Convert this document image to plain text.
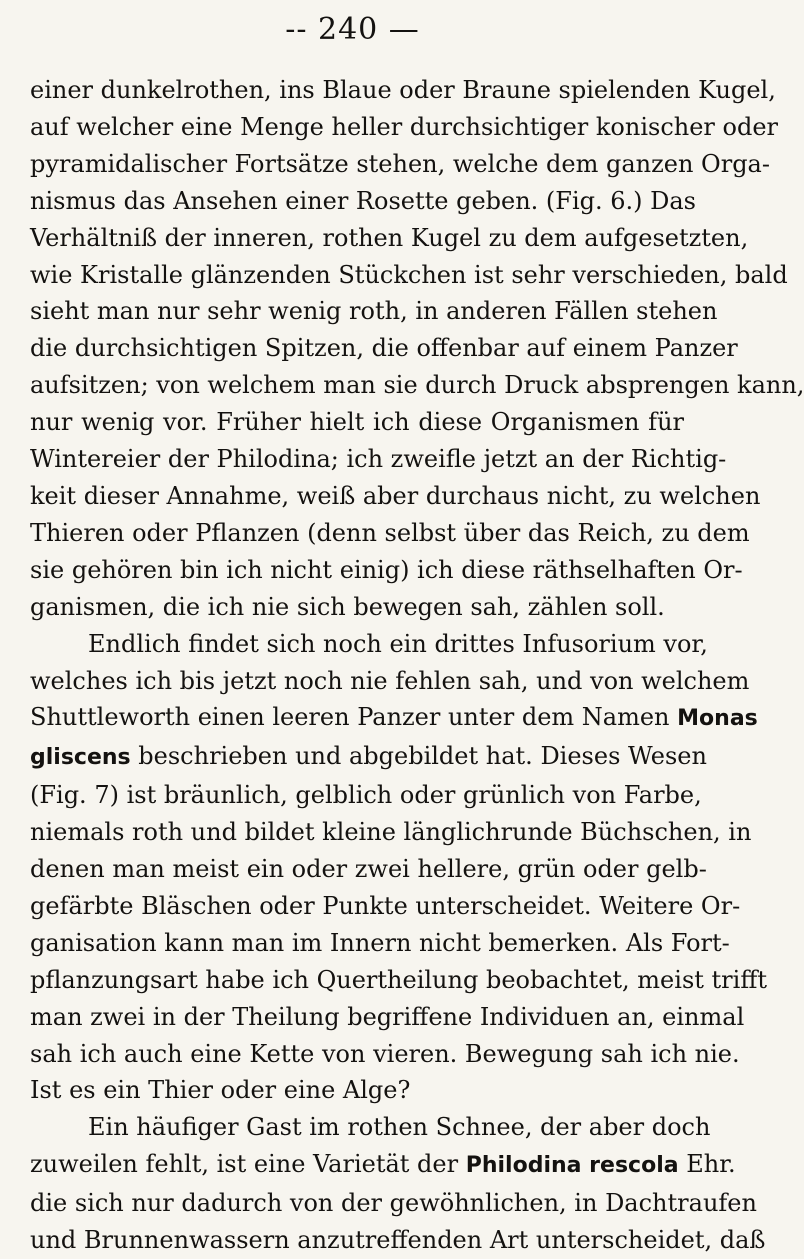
-- 240 —
einer dunkelrothen, ins Blaue oder Braune spielenden Kugel,
auf welcher eine Menge heller durchsichtiger konischer oder
pyramidalischer Fortsätze stehen, welche dem ganzen Orga-
nismus das Ansehen einer Rosette geben. (Fig. 6.) Das
Verhältniß der inneren, rothen Kugel zu dem aufgesetzten,
wie Kristalle glänzenden Stückchen ist sehr verschieden, bald
sieht man nur sehr wenig roth, in anderen Fällen stehen
die durchsichtigen Spitzen, die offenbar auf einem Panzer
aufsitzen; von welchem man sie durch Druck absprengen kann,
nur wenig vor. Früher hielt ich diese Organismen für
Wintereier der Philodina; ich zweifle jetzt an der Richtig-
keit dieser Annahme, weiß aber durchaus nicht, zu welchen
Thieren oder Pflanzen (denn selbst über das Reich, zu dem
sie gehören bin ich nicht einig) ich diese räthselhaften Or-
ganismen, die ich nie sich bewegen sah, zählen soll.
Endlich findet sich noch ein drittes Infusorium vor,
welches ich bis jetzt noch nie fehlen sah, und von welchem
Shuttleworth einen leeren Panzer unter dem Namen Monas
gliscens beschrieben und abgebildet hat. Dieses Wesen
(Fig. 7) ist bräunlich, gelblich oder grünlich von Farbe,
niemals roth und bildet kleine länglichrunde Büchschen, in
denen man meist ein oder zwei hellere, grün oder gelb-
gefärbte Bläschen oder Punkte unterscheidet. Weitere Or-
ganisation kann man im Innern nicht bemerken. Als Fort-
pflanzungsart habe ich Quertheilung beobachtet, meist trifft
man zwei in der Theilung begriffene Individuen an, einmal
sah ich auch eine Kette von vieren. Bewegung sah ich nie.
Ist es ein Thier oder eine Alge?
Ein häufiger Gast im rothen Schnee, der aber doch
zuweilen fehlt, ist eine Varietät der Philodina rescola Ehr.
die sich nur dadurch von der gewöhnlichen, in Dachtraufen
und Brunnenwassern anzutreffenden Art unterscheidet, daß
